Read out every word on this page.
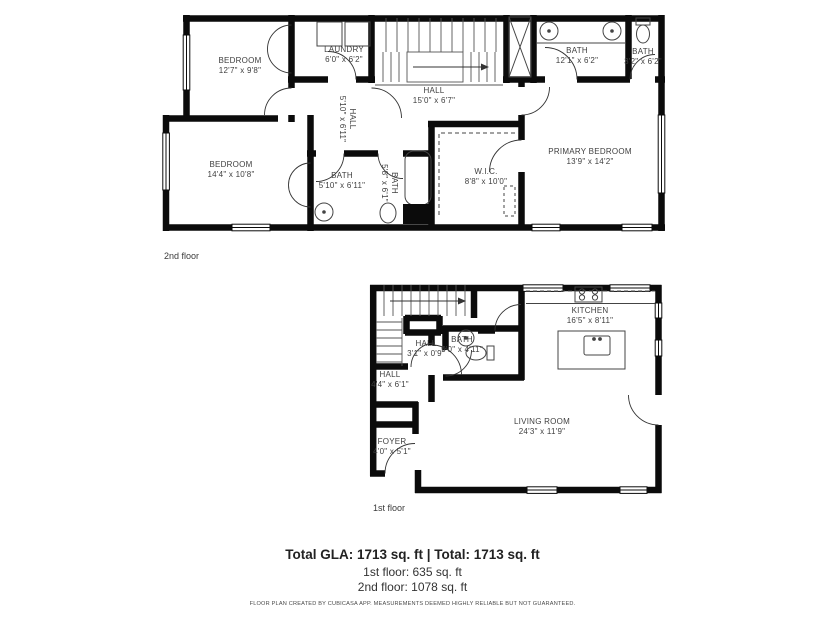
BEDROOM
12'7" x 9'8"
LAUNDRY
6'0" x 6'2"
HALL
5'10" x 6'11"
HALL
15'0" x 6'7"
BATH
12'1" x 6'2"
BATH
3'2" x 6'2"
BEDROOM
14'4" x 10'8"	BATH
5'10" x 6'11"	BATH
5'8" x 6'1"	W.I.C.
8'8" x 10'0"
PRIMARY BEDROOM
13'9" x 14'2"
KITCHEN
16'5" x 8'11"
HALL
3'1" x 0'9"
BATH
5'0" x 4'11"
HALL
4'4" x 6'1"
FOYER
4'0" x 5'1"
LIVING ROOM
24'3" x 11'9"
2nd floor
1st floor
Total GLA: 1713 sq. ft | Total: 1713 sq. ft
1st floor: 635 sq. ft
2nd floor: 1078 sq. ft
FLOOR PLAN CREATED BY CUBICASA APP. MEASUREMENTS DEEMED HIGHLY RELIABLE BUT NOT GUARANTEED.
